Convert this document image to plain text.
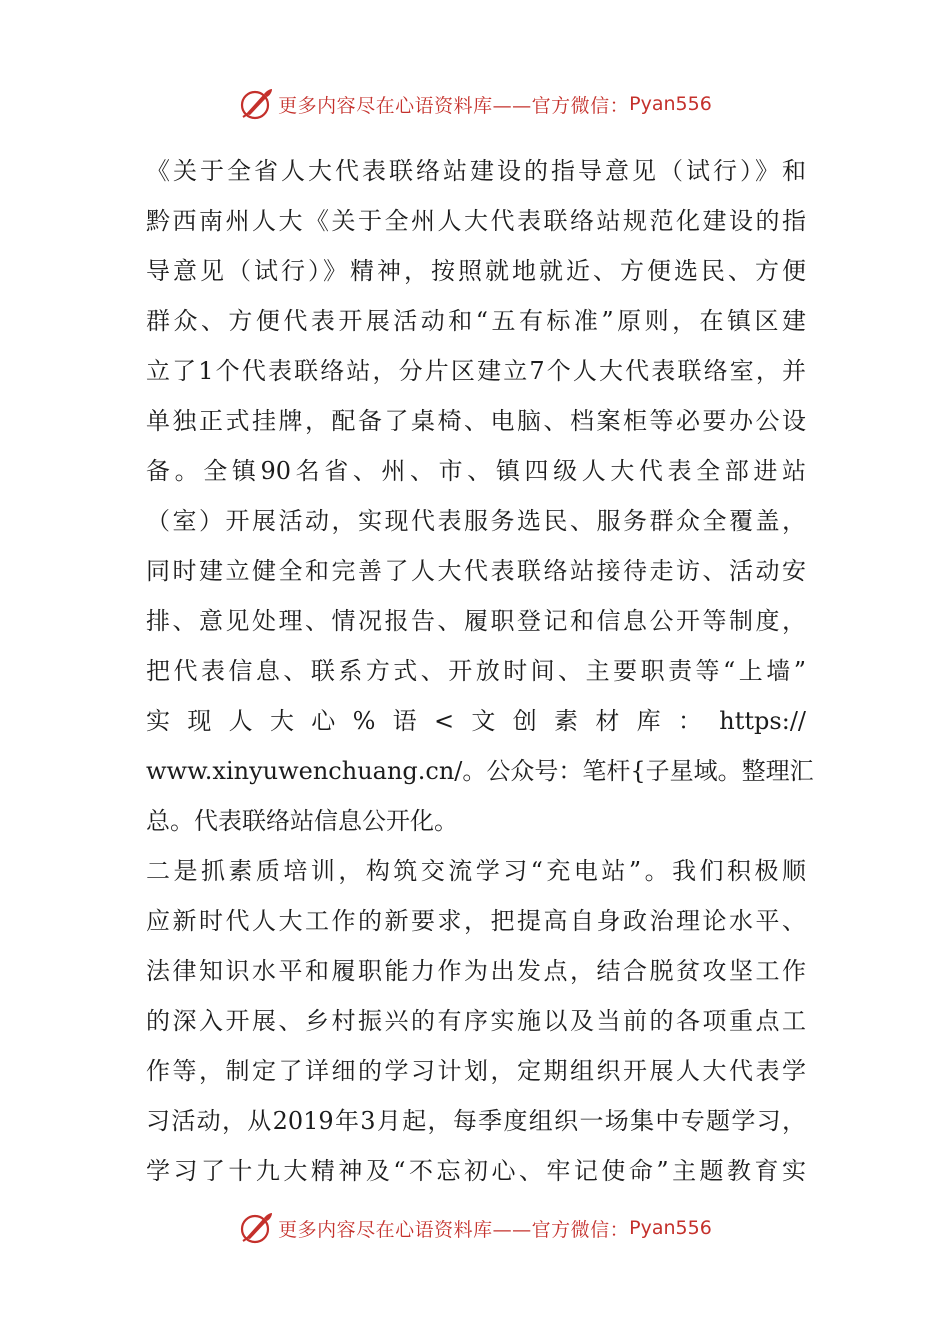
更多内容尽在心语资料库——官方微信： Pyan556
《关于全省人大代表联络站建设的指导意见（试行）》和
黔西南州人大《关于全州人大代表联络站规范化建设的指
导意见（试行）》精神，按照就地就近、方便选民、方便
群众、方便代表开展活动和“五有标准”原则，在镇区建
立了1个代表联络站，分片区建立7个人大代表联络室，并
单独正式挂牌，配备了桌椅、电脑、档案柜等必要办公设
备。全镇90名省、州、市、镇四级人大代表全部进站
（室）开展活动，实现代表服务选民、服务群众全覆盖，
同时建立健全和完善了人大代表联络站接待走访、活动安
排、意见处理、情况报告、履职登记和信息公开等制度，
把代表信息、联系方式、开放时间、主要职责等“上墙”
实现人大心%语<文创素材库：https://
www.xinyuwenchuang.cn/。公众号：笔杆{子星域。整理汇
总。代表联络站信息公开化。
二是抓素质培训，构筑交流学习“充电站”。我们积极顺
应新时代人大工作的新要求，把提高自身政治理论水平、
法律知识水平和履职能力作为出发点，结合脱贫攻坚工作
的深入开展、乡村振兴的有序实施以及当前的各项重点工
作等，制定了详细的学习计划，定期组织开展人大代表学
习活动，从2019年3月起，每季度组织一场集中专题学习，
学习了十九大精神及“不忘初心、牢记使命”主题教育实
更多内容尽在心语资料库——官方微信： Pyan556
